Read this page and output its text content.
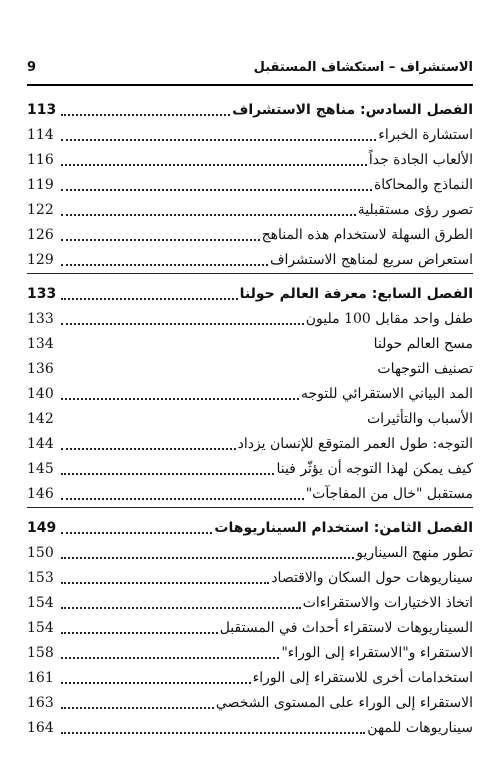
9	الاستشراف – استكشاف المستقبل
113	الفصل السادس: مناهج الاستشراف
114	استشارة الخبراء
116	الألعاب الجادة جداً
119	النماذج والمحاكاة
122	تصور رؤى مستقبلية
126	الطرق السهلة لاستخدام هذه المناهج
129	استعراض سريع لمناهج الاستشراف
133	الفصل السابع: معرفة العالم حولنا
133	طفل واحد مقابل 100 مليون
134	مسح العالم حولنا
136	تصنيف التوجهات
140	المد البياني الاستقرائي للتوجه
142	الأسباب والتأثيرات
144	التوجه: طول العمر المتوقع للإنسان يزداد
145	كيف يمكن لهذا التوجه أن يؤثّر فينا
146	مستقبل "خال من المفاجآت"
149	الفصل الثامن: استخدام السيناريوهات
150	تطور منهج السيناريو
153	سيناريوهات حول السكان والاقتصاد
154	اتخاذ الاختيارات والاستقراءات
154	السيناريوهات لاستقراء أحداث في المستقبل
158	الاستقراء و"الاستقراء إلى الوراء"
161	استخدامات أخرى للاستقراء إلى الوراء
163	الاستقراء إلى الوراء على المستوى الشخصي
164	سيناريوهات للمهن
